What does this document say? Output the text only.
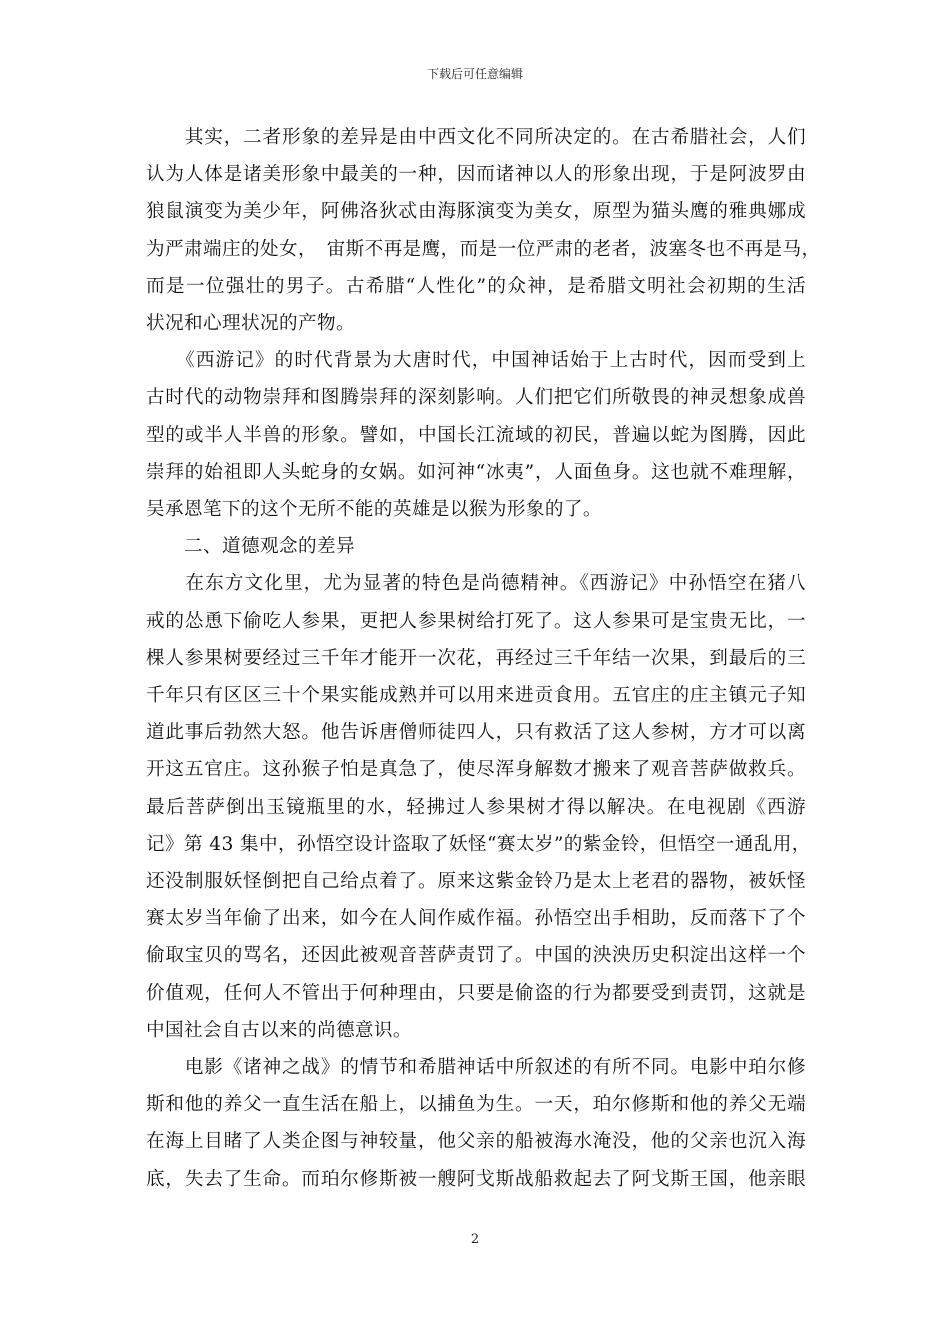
下载后可任意编辑

　　其实，二者形象的差异是由中西文化不同所决定的。在古希腊社会，人们

认为人体是诸美形象中最美的一种，因而诸神以人的形象出现，于是阿波罗由

狼鼠演变为美少年，阿佛洛狄忒由海豚演变为美女，原型为猫头鹰的雅典娜成

为严肃端庄的处女，　宙斯不再是鹰，而是一位严肃的老者，波塞冬也不再是马，

而是一位强壮的男子。古希腊“人性化”的众神，是希腊文明社会初期的生活

状况和心理状况的产物。

　　《西游记》的时代背景为大唐时代，中国神话始于上古时代，因而受到上

古时代的动物崇拜和图腾崇拜的深刻影响。人们把它们所敬畏的神灵想象成兽

型的或半人半兽的形象。譬如，中国长江流域的初民，普遍以蛇为图腾，因此

崇拜的始祖即人头蛇身的女娲。如河神“冰夷”，人面鱼身。这也就不难理解，

吴承恩笔下的这个无所不能的英雄是以猴为形象的了。

　　二、道德观念的差异

　　在东方文化里，尤为显著的特色是尚德精神。《西游记》中孙悟空在猪八

戒的怂恿下偷吃人参果，更把人参果树给打死了。这人参果可是宝贵无比，一

棵人参果树要经过三千年才能开一次花，再经过三千年结一次果，到最后的三

千年只有区区三十个果实能成熟并可以用来进贡食用。五官庄的庄主镇元子知

道此事后勃然大怒。他告诉唐僧师徒四人，只有救活了这人参树，方才可以离

开这五官庄。这孙猴子怕是真急了，使尽浑身解数才搬来了观音菩萨做救兵。

最后菩萨倒出玉镜瓶里的水，轻拂过人参果树才得以解决。在电视剧《西游

记》第 43 集中，孙悟空设计盗取了妖怪“赛太岁”的紫金铃，但悟空一通乱用，

还没制服妖怪倒把自己给点着了。原来这紫金铃乃是太上老君的器物，被妖怪

赛太岁当年偷了出来，如今在人间作威作福。孙悟空出手相助，反而落下了个

偷取宝贝的骂名，还因此被观音菩萨责罚了。中国的泱泱历史积淀出这样一个

价值观，任何人不管出于何种理由，只要是偷盗的行为都要受到责罚，这就是

中国社会自古以来的尚德意识。

　　电影《诸神之战》的情节和希腊神话中所叙述的有所不同。电影中珀尔修

斯和他的养父一直生活在船上，以捕鱼为生。一天，珀尔修斯和他的养父无端

在海上目睹了人类企图与神较量，他父亲的船被海水淹没，他的父亲也沉入海

底，失去了生命。而珀尔修斯被一艘阿戈斯战船救起去了阿戈斯王国，他亲眼

2
